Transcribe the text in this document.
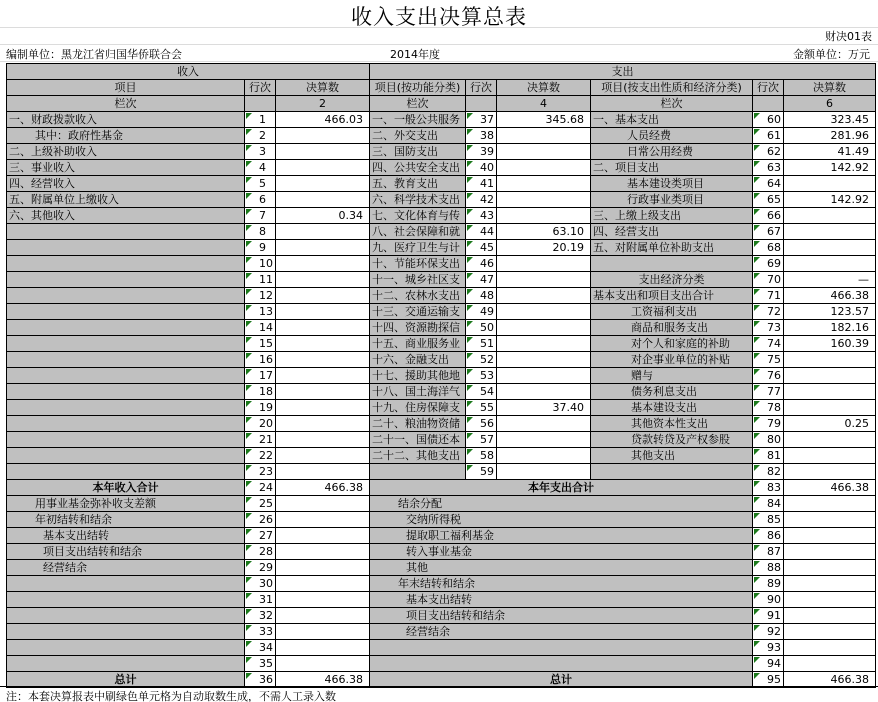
收入支出决算总表
财决01表
编制单位：黑龙江省归国华侨联合会	2014年度	金额单位：万元
收入			支出					
项目	行次	决算数	项目(按功能分类)	行次	决算数	项目(按支出性质和经济分类)	行次	决算数
栏次		2	栏次		4	栏次		6
一、财政拨款收入	1	466.03	一、一般公共服务	37	345.68	一、基本支出	60	323.45
其中：政府性基金	2		二、外交支出	38		人员经费	61	281.96
二、上级补助收入	3		三、国防支出	39		日常公用经费	62	41.49
三、事业收入	4		四、公共安全支出	40		二、项目支出	63	142.92
四、经营收入	5		五、教育支出	41		基本建设类项目	64	
五、附属单位上缴收入	6		六、科学技术支出	42		行政事业类项目	65	142.92
六、其他收入	7	0.34	七、文化体育与传	43		三、上缴上级支出	66	
	8		八、社会保障和就	44	63.10	四、经营支出	67	
	9		九、医疗卫生与计	45	20.19	五、对附属单位补助支出	68	
	10		十、节能环保支出	46			69	
	11		十一、城乡社区支	47		支出经济分类	70	—
	12		十二、农林水支出	48		基本支出和项目支出合计	71	466.38
	13		十三、交通运输支	49		工资福利支出	72	123.57
	14		十四、资源勘探信	50		商品和服务支出	73	182.16
	15		十五、商业服务业	51		对个人和家庭的补助	74	160.39
	16		十六、金融支出	52		对企事业单位的补贴	75	
	17		十七、援助其他地	53		赠与	76	
	18		十八、国土海洋气	54		债务利息支出	77	
	19		十九、住房保障支	55	37.40	基本建设支出	78	
	20		二十、粮油物资储	56		其他资本性支出	79	0.25
	21		二十一、国债还本	57		贷款转贷及产权参股	80	
	22		二十二、其他支出	58		其他支出	81	
	23			59			82	
本年收入合计	24	466.38	本年支出合计				83	466.38
用事业基金弥补收支差额	25		结余分配				84	
年初结转和结余	26		交纳所得税				85	
基本支出结转	27		提取职工福利基金				86	
项目支出结转和结余	28		转入事业基金				87	
经营结余	29		其他				88	
	30		年末结转和结余				89	
	31		基本支出结转				90	
	32		项目支出结转和结余				91	
	33		经营结余				92	
	34						93	
	35						94	
总计	36	466.38	总计				95	466.38
注：本套决算报表中刷绿色单元格为自动取数生成，不需人工录入数
